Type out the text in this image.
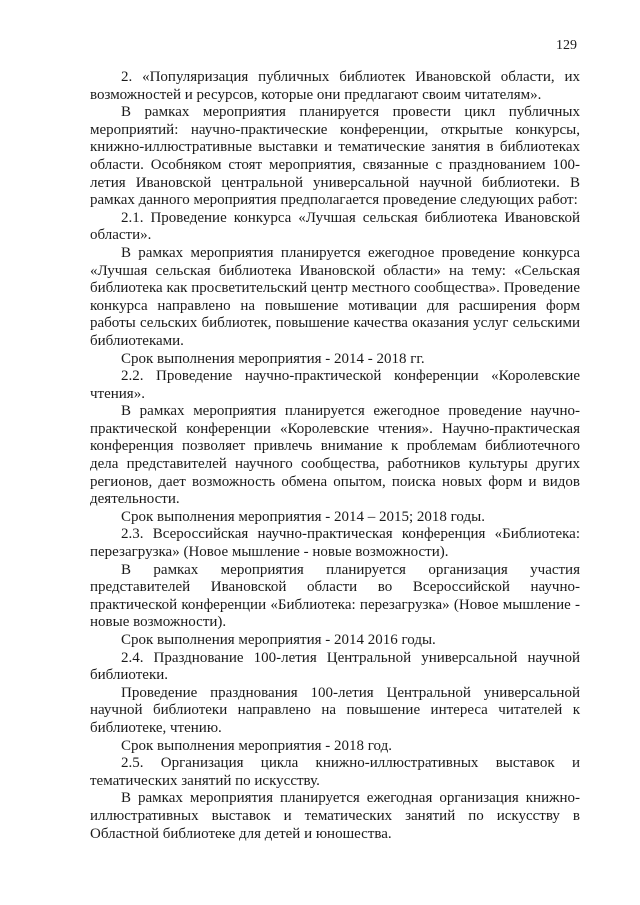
129

2. «Популяризация публичных библиотек Ивановской области, их возможностей и ресурсов, которые они предлагают своим читателям».

В рамках мероприятия планируется провести цикл публичных мероприятий: научно-практические конференции, открытые конкурсы, книжно-иллюстративные выставки и тематические занятия в библиотеках области. Особняком стоят мероприятия, связанные с празднованием 100-летия Ивановской центральной универсальной научной библиотеки. В рамках данного мероприятия предполагается проведение следующих работ:

2.1. Проведение конкурса «Лучшая сельская библиотека Ивановской области».

В рамках мероприятия планируется ежегодное проведение конкурса «Лучшая сельская библиотека Ивановской области» на тему: «Сельская библиотека как просветительский центр местного сообщества». Проведение конкурса направлено на повышение мотивации для расширения форм работы сельских библиотек, повышение качества оказания услуг сельскими библиотеками.

Срок выполнения мероприятия - 2014 - 2018 гг.

2.2. Проведение научно-практической конференции «Королевские чтения».

В рамках мероприятия планируется ежегодное проведение научно-практической конференции «Королевские чтения». Научно-практическая конференция позволяет привлечь внимание к проблемам библиотечного дела представителей научного сообщества, работников культуры других регионов, дает возможность обмена опытом, поиска новых форм и видов деятельности.

Срок выполнения мероприятия - 2014 – 2015; 2018 годы.

2.3. Всероссийская научно-практическая конференция «Библиотека: перезагрузка» (Новое мышление - новые возможности).

В рамках мероприятия планируется организация участия представителей Ивановской области во Всероссийской научно-практической конференции «Библиотека: перезагрузка» (Новое мышление - новые возможности).

Срок выполнения мероприятия - 2014 2016 годы.

2.4. Празднование 100-летия Центральной универсальной научной библиотеки.

Проведение празднования 100-летия Центральной универсальной научной библиотеки направлено на повышение интереса читателей к библиотеке, чтению.

Срок выполнения мероприятия - 2018 год.

2.5. Организация цикла книжно-иллюстративных выставок и тематических занятий по искусству.

В рамках мероприятия планируется ежегодная организация книжно-иллюстративных выставок и тематических занятий по искусству в Областной библиотеке для детей и юношества.
